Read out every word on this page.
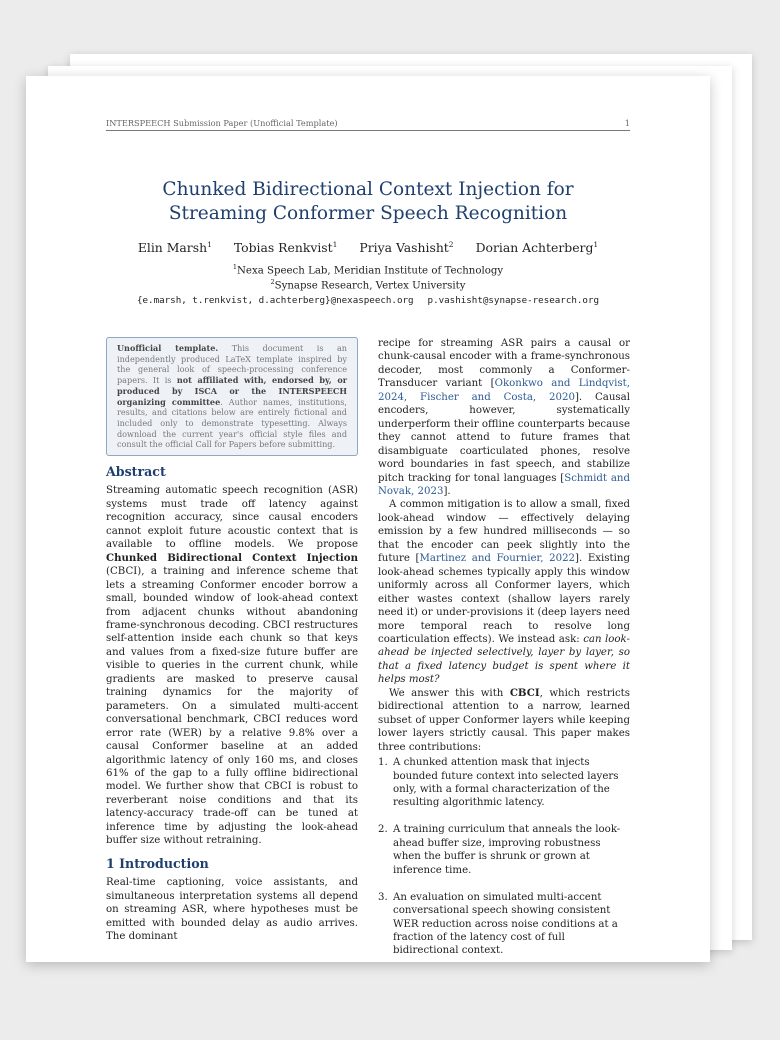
INTERSPEECH Submission Paper (Unofficial Template)	1
Chunked Bidirectional Context Injection for
Streaming Conformer Speech Recognition
Elin Marsh$^1$ Tobias Renkvist$^1$ Priya Vashisht$^2$ Dorian Achterberg$^1$
$^1$Nexa Speech Lab, Meridian Institute of Technology
$^2$Synapse Research, Vertex University
{e.marsh, t.renkvist, d.achterberg}@nexaspeech.org p.vashisht@synapse-research.org
Unofficial template. This document is an independently produced LaTeX template inspired by the general look of speech-processing conference papers. It is not affiliated with, endorsed by, or produced by ISCA or the INTERSPEECH organizing committee. Author names, institutions, results, and citations below are entirely fictional and included only to demonstrate typesetting. Always download the current year's official style files and consult the official Call for Papers before submitting.
Abstract

Streaming automatic speech recognition (ASR) systems must trade off latency against recognition accuracy, since causal encoders cannot exploit future acoustic context that is available to offline models. We propose Chunked Bidirectional Context Injection (CBCI), a training and inference scheme that lets a streaming Conformer encoder borrow a small, bounded window of look-ahead context from adjacent chunks without abandoning frame-synchronous decoding. CBCI restructures self-attention inside each chunk so that keys and values from a fixed-size future buffer are visible to queries in the current chunk, while gradients are masked to preserve causal training dynamics for the majority of parameters. On a simulated multi-accent conversational benchmark, CBCI reduces word error rate (WER) by a relative 9.8% over a causal Conformer baseline at an added algorithmic latency of only 160 ms, and closes 61% of the gap to a fully offline bidirectional model. We further show that CBCI is robust to reverberant noise conditions and that its latency-accuracy trade-off can be tuned at inference time by adjusting the look-ahead buffer size without retraining.

1 Introduction

Real-time captioning, voice assistants, and simultaneous interpretation systems all depend on streaming ASR, where hypotheses must be emitted with bounded delay as audio arrives. The dominant

recipe for streaming ASR pairs a causal or chunk-causal encoder with a frame-synchronous decoder, most commonly a Conformer-Transducer variant [Okonkwo and Lindqvist, 2024, Fischer and Costa, 2020]. Causal encoders, however, systematically underperform their offline counterparts because they cannot attend to future frames that disambiguate coarticulated phones, resolve word boundaries in fast speech, and stabilize pitch tracking for tonal languages [Schmidt and Novak, 2023].

A common mitigation is to allow a small, fixed look-ahead window — effectively delaying emission by a few hundred milliseconds — so that the encoder can peek slightly into the future [Martinez and Fournier, 2022]. Existing look-ahead schemes typically apply this window uniformly across all Conformer layers, which either wastes context (shallow layers rarely need it) or under-provisions it (deep layers need more temporal reach to resolve long coarticulation effects). We instead ask: can look-ahead be injected selectively, layer by layer, so that a fixed latency budget is spent where it helps most?

We answer this with CBCI, which restricts bidirectional attention to a narrow, learned subset of upper Conformer layers while keeping lower layers strictly causal. This paper makes three contributions:

1. A chunked attention mask that injects bounded future context into selected layers only, with a formal characterization of the resulting algorithmic latency.
2. A training curriculum that anneals the look-ahead buffer size, improving robustness when the buffer is shrunk or grown at inference time.
3. An evaluation on simulated multi-accent conversational speech showing consistent WER reduction across noise conditions at a fraction of the latency cost of full bidirectional context.
